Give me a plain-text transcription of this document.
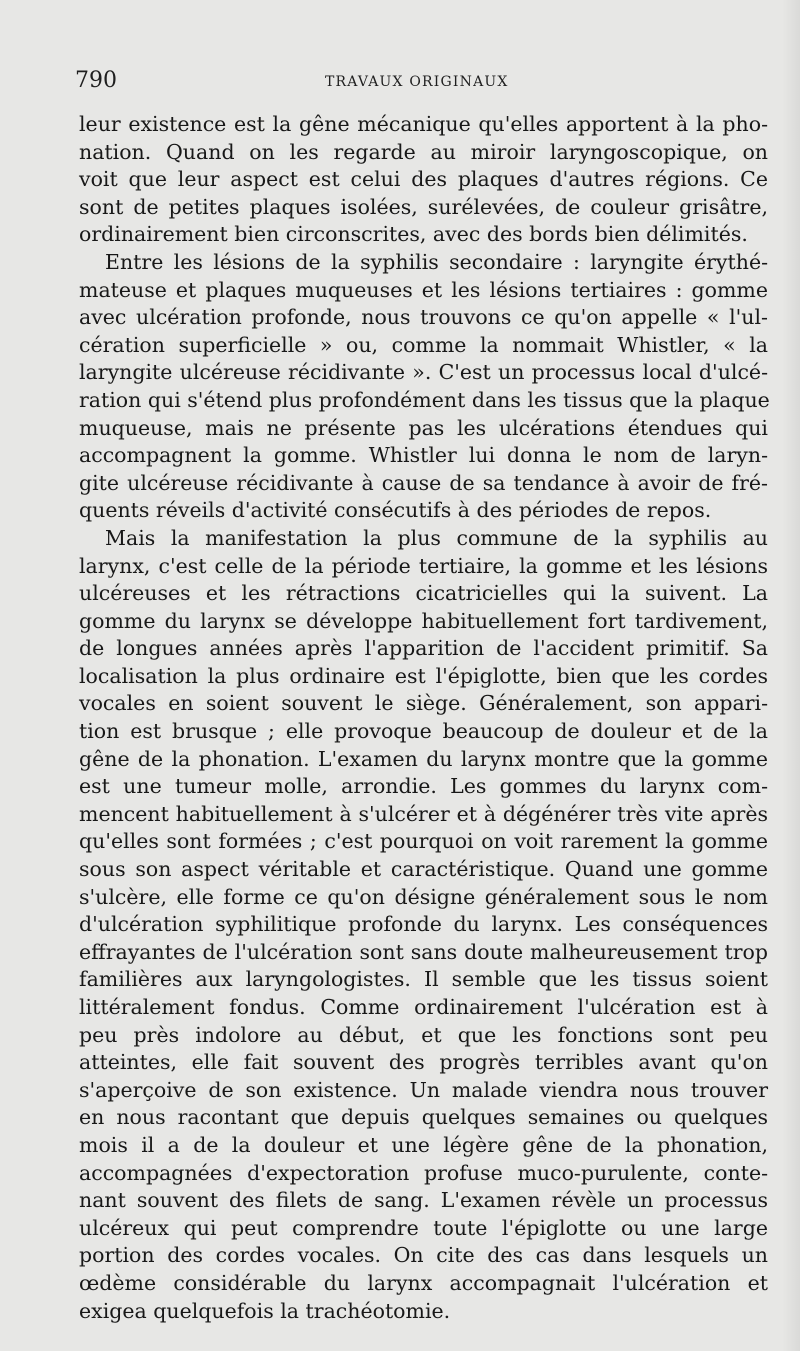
790	TRAVAUX ORIGINAUX
leur existence est la gêne mécanique qu'elles apportent à la pho-
nation. Quand on les regarde au miroir laryngoscopique, on
voit que leur aspect est celui des plaques d'autres régions. Ce
sont de petites plaques isolées, surélevées, de couleur grisâtre,
ordinairement bien circonscrites, avec des bords bien délimités.
Entre les lésions de la syphilis secondaire : laryngite érythé-
mateuse et plaques muqueuses et les lésions tertiaires : gomme
avec ulcération profonde, nous trouvons ce qu'on appelle « l'ul-
cération superficielle » ou, comme la nommait Whistler, « la
laryngite ulcéreuse récidivante ». C'est un processus local d'ulcé-
ration qui s'étend plus profondément dans les tissus que la plaque
muqueuse, mais ne présente pas les ulcérations étendues qui
accompagnent la gomme. Whistler lui donna le nom de laryn-
gite ulcéreuse récidivante à cause de sa tendance à avoir de fré-
quents réveils d'activité consécutifs à des périodes de repos.
Mais la manifestation la plus commune de la syphilis au
larynx, c'est celle de la période tertiaire, la gomme et les lésions
ulcéreuses et les rétractions cicatricielles qui la suivent. La
gomme du larynx se développe habituellement fort tardivement,
de longues années après l'apparition de l'accident primitif. Sa
localisation la plus ordinaire est l'épiglotte, bien que les cordes
vocales en soient souvent le siège. Généralement, son appari-
tion est brusque ; elle provoque beaucoup de douleur et de la
gêne de la phonation. L'examen du larynx montre que la gomme
est une tumeur molle, arrondie. Les gommes du larynx com-
mencent habituellement à s'ulcérer et à dégénérer très vite après
qu'elles sont formées ; c'est pourquoi on voit rarement la gomme
sous son aspect véritable et caractéristique. Quand une gomme
s'ulcère, elle forme ce qu'on désigne généralement sous le nom
d'ulcération syphilitique profonde du larynx. Les conséquences
effrayantes de l'ulcération sont sans doute malheureusement trop
familières aux laryngologistes. Il semble que les tissus soient
littéralement fondus. Comme ordinairement l'ulcération est à
peu près indolore au début, et que les fonctions sont peu
atteintes, elle fait souvent des progrès terribles avant qu'on
s'aperçoive de son existence. Un malade viendra nous trouver
en nous racontant que depuis quelques semaines ou quelques
mois il a de la douleur et une légère gêne de la phonation,
accompagnées d'expectoration profuse muco-purulente, conte-
nant souvent des filets de sang. L'examen révèle un processus
ulcéreux qui peut comprendre toute l'épiglotte ou une large
portion des cordes vocales. On cite des cas dans lesquels un
œdème considérable du larynx accompagnait l'ulcération et
exigea quelquefois la trachéotomie.
